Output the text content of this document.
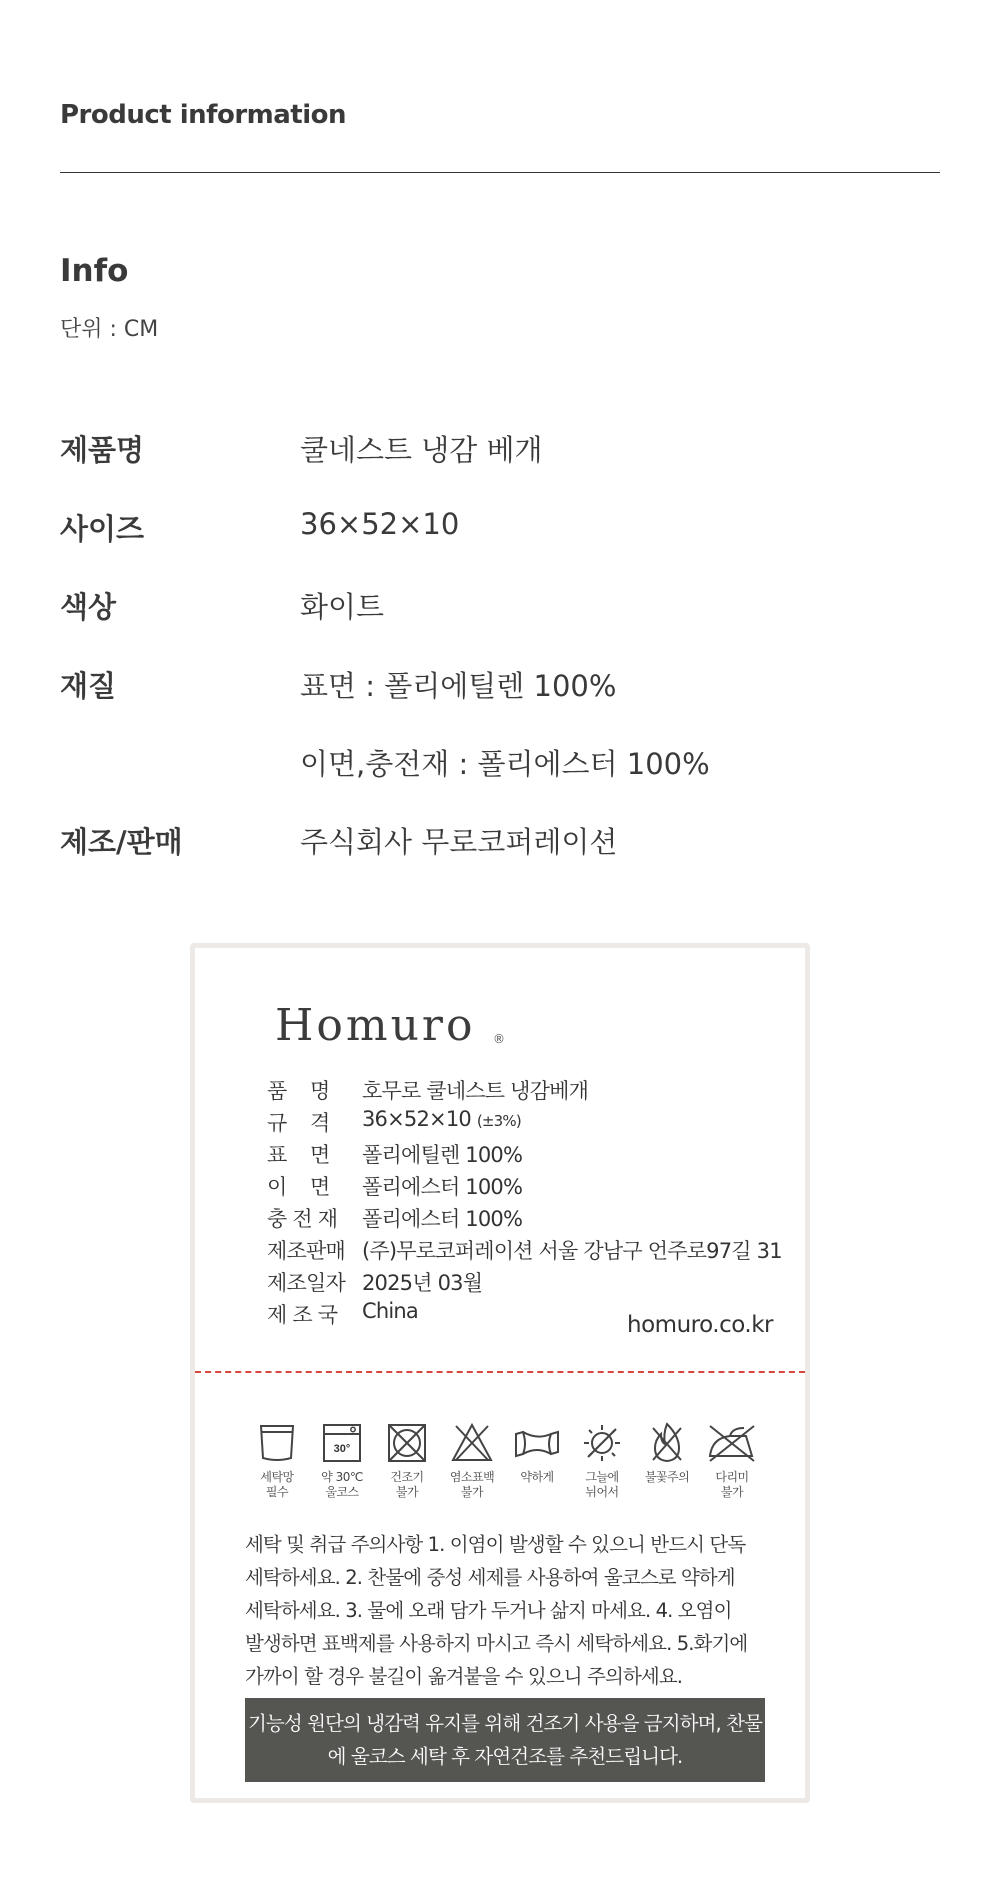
Product information
Info
단위 : CM
제품명	쿨네스트 냉감 베개
사이즈	36×52×10
색상	화이트
재질	표면 : 폴리에틸렌 100%
이면,충전재 : 폴리에스터 100%
제조/판매	주식회사 무로코퍼레이션
Homuro ®
품    명	호무로 쿨네스트 냉감베개
규    격	36×52×10 (±3%)
표    면	폴리에틸렌 100%
이    면	폴리에스터 100%
충 전 재	폴리에스터 100%
제조판매 (주)무로코퍼레이션 서울 강남구 언주로97길 31
제조일자 2025년 03월
제 조 국	China
homuro.co.kr
세탁망
필수
30°
약 30℃
울코스
건조기
불가
염소표백
불가
약하게	그늘에
뉘어서
불꽃주의	다리미
불가
세탁 및 취급 주의사항 1. 이염이 발생할 수 있으니 반드시 단독 세탁하세요. 2. 찬물에 중성 세제를 사용하여 울코스로 약하게 세탁하세요. 3. 물에 오래 담가 두거나 삶지 마세요. 4. 오염이 발생하면 표백제를 사용하지 마시고 즉시 세탁하세요. 5.화기에 가까이 할 경우 불길이 옮겨붙을 수 있으니 주의하세요.
기능성 원단의 냉감력 유지를 위해 건조기 사용을 금지하며, 찬물에 울코스 세탁 후 자연건조를 추천드립니다.
